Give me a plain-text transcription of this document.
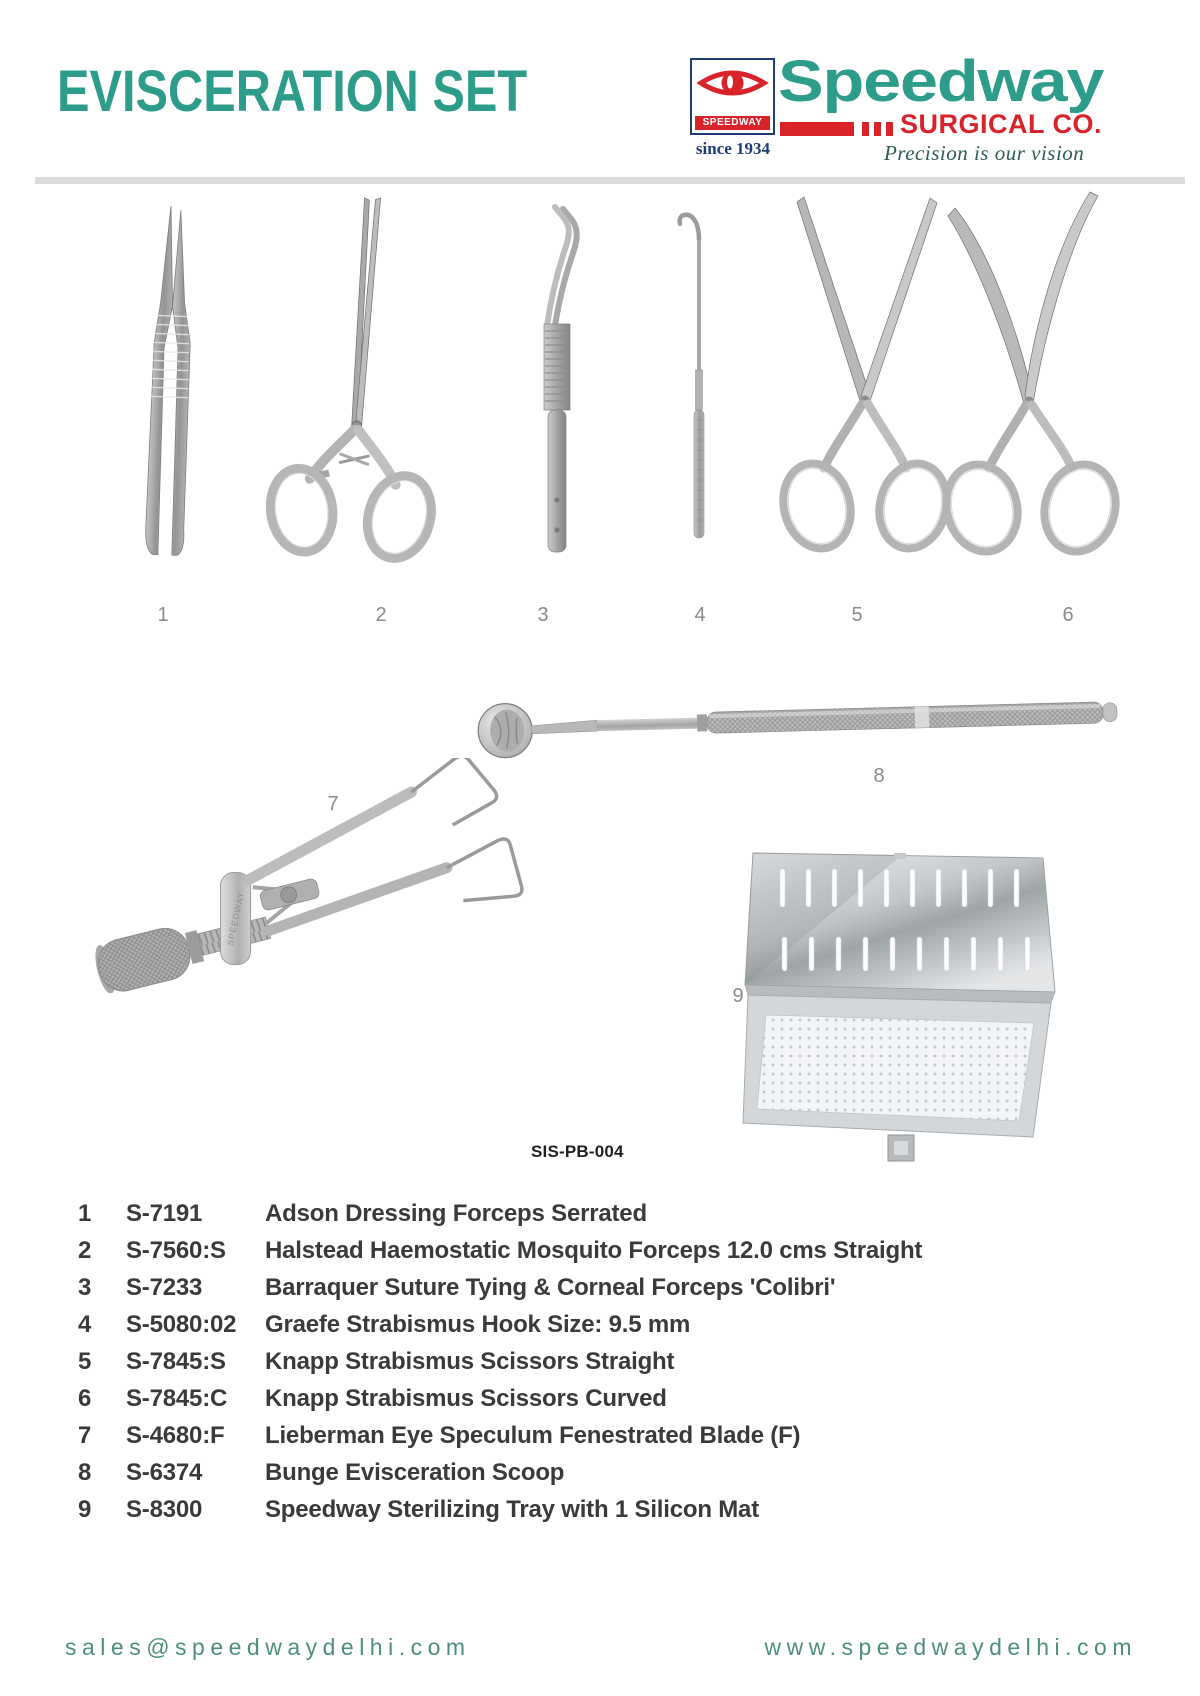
EVISCERATION SET	SPEEDWAY
since 1934
Speedway
SURGICAL CO.
Precision is our vision
SPEEDWAY
1	2	3	4	5	6
7
8
9
SIS-PB-004
1	S-7191	Adson Dressing Forceps Serrated
2	S-7560:S	Halstead Haemostatic Mosquito Forceps 12.0 cms Straight
3	S-7233	Barraquer Suture Tying & Corneal Forceps 'Colibri'
4	S-5080:02	Graefe Strabismus Hook Size: 9.5 mm
5	S-7845:S	Knapp Strabismus Scissors Straight
6	S-7845:C	Knapp Strabismus Scissors Curved
7	S-4680:F	Lieberman Eye Speculum Fenestrated Blade (F)
8	S-6374	Bunge Evisceration Scoop
9	S-8300	Speedway Sterilizing Tray with 1 Silicon Mat
sales@speedwaydelhi.com	www.speedwaydelhi.com
